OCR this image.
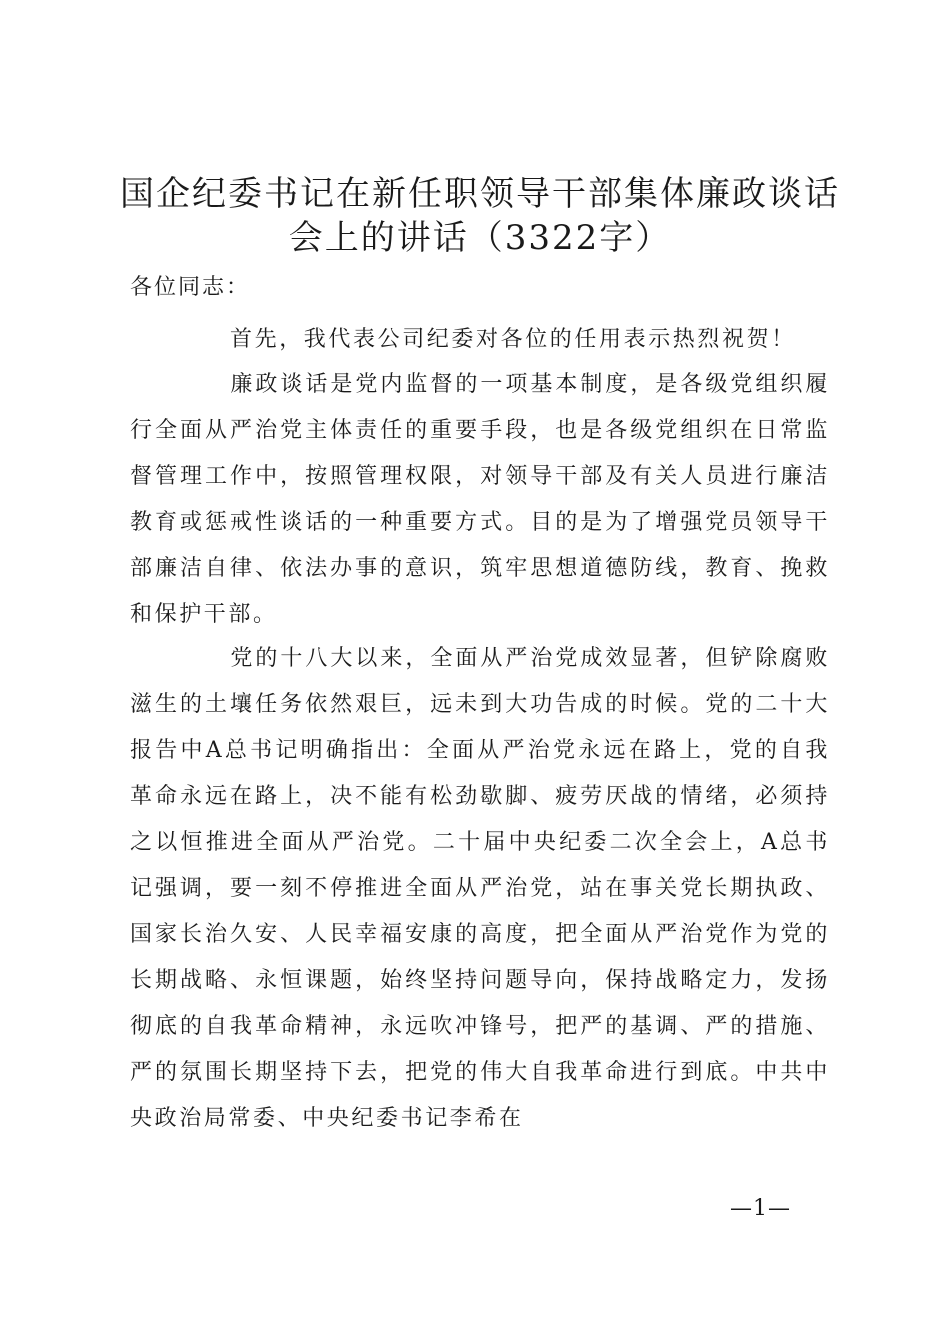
国企纪委书记在新任职领导干部集体廉政谈话
会上的讲话（3322字）

各位同志：

首先，我代表公司纪委对各位的任用表示热烈祝贺！

廉政谈话是党内监督的一项基本制度，是各级党组织履行全面从严治党主体责任的重要手段，也是各级党组织在日常监督管理工作中，按照管理权限，对领导干部及有关人员进行廉洁教育或惩戒性谈话的一种重要方式。目的是为了增强党员领导干部廉洁自律、依法办事的意识，筑牢思想道德防线，教育、挽救和保护干部。

党的十八大以来，全面从严治党成效显著，但铲除腐败滋生的土壤任务依然艰巨，远未到大功告成的时候。党的二十大报告中A总书记明确指出：全面从严治党永远在路上，党的自我革命永远在路上，决不能有松劲歇脚、疲劳厌战的情绪，必须持之以恒推进全面从严治党。二十届中央纪委二次全会上，A总书记强调，要一刻不停推进全面从严治党，站在事关党长期执政、国家长治久安、人民幸福安康的高度，把全面从严治党作为党的长期战略、永恒课题，始终坚持问题导向，保持战略定力，发扬彻底的自我革命精神，永远吹冲锋号，把严的基调、严的措施、严的氛围长期坚持下去，把党的伟大自我革命进行到底。中共中央政治局常委、中央纪委书记李希在

—1—
